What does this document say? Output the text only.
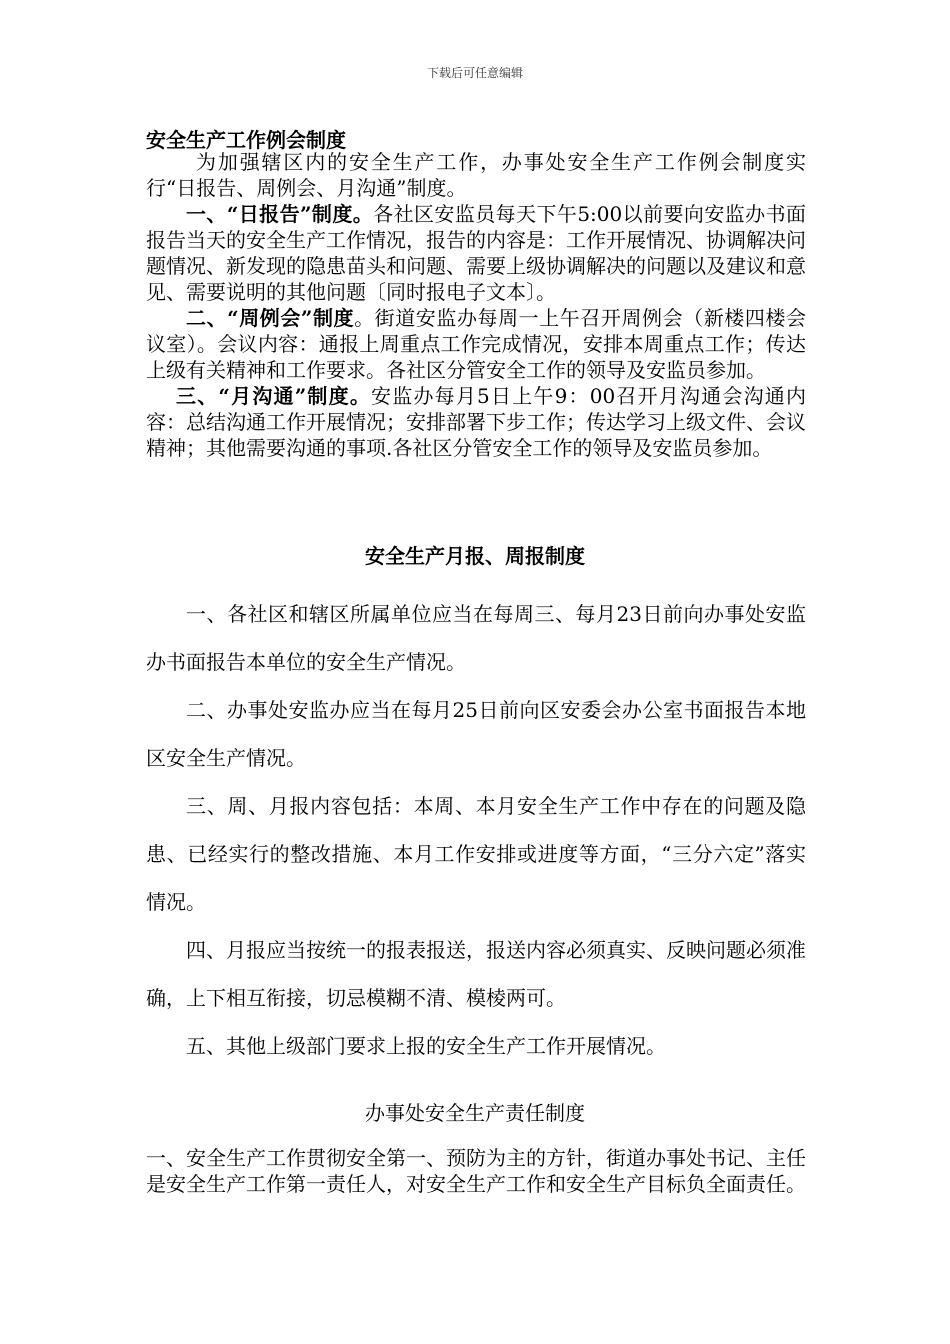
下载后可任意编辑
安全生产工作例会制度

为加强辖区内的安全生产工作，办事处安全生产工作例会制度实行“日报告、周例会、月沟通”制度。

一、“日报告”制度。各社区安监员每天下午5:00以前要向安监办书面报告当天的安全生产工作情况，报告的内容是：工作开展情况、协调解决问题情况、新发现的隐患苗头和问题、需要上级协调解决的问题以及建议和意见、需要说明的其他问题〔同时报电子文本〕。

二、“周例会”制度。街道安监办每周一上午召开周例会（新楼四楼会议室）。会议内容：通报上周重点工作完成情况，安排本周重点工作；传达上级有关精神和工作要求。各社区分管安全工作的领导及安监员参加。

三、“月沟通”制度。安监办每月5日上午9：00召开月沟通会沟通内容：总结沟通工作开展情况；安排部署下步工作；传达学习上级文件、会议精神；其他需要沟通的事项.各社区分管安全工作的领导及安监员参加。

安全生产月报、周报制度

一、各社区和辖区所属单位应当在每周三、每月23日前向办事处安监办书面报告本单位的安全生产情况。

二、办事处安监办应当在每月25日前向区安委会办公室书面报告本地区安全生产情况。

三、周、月报内容包括：本周、本月安全生产工作中存在的问题及隐患、已经实行的整改措施、本月工作安排或进度等方面，“三分六定”落实情况。

四、月报应当按统一的报表报送，报送内容必须真实、反映问题必须准确，上下相互衔接，切忌模糊不清、模棱两可。

五、其他上级部门要求上报的安全生产工作开展情况。

办事处安全生产责任制度

一、安全生产工作贯彻安全第一、预防为主的方针，街道办事处书记、主任是安全生产工作第一责任人，对安全生产工作和安全生产目标负全面责任。
